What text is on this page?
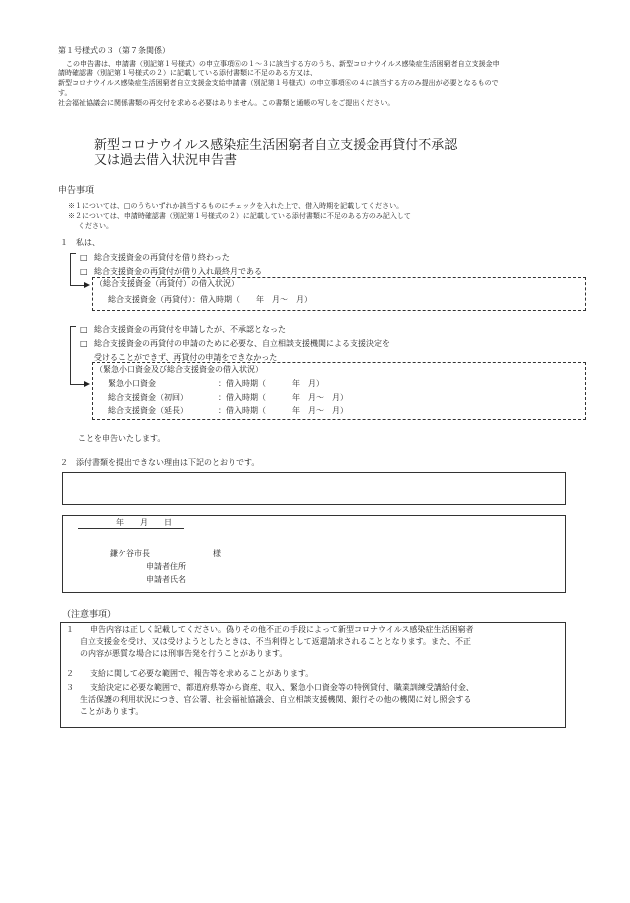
第１号様式の３（第７条関係）
この申告書は、申請書（別記第１号様式）の申立事項⑥の１～３に該当する方のうち、新型コロナウイルス感染症生活困窮者自立支援金申
請時確認書（別記第１号様式の２）に記載している添付書類に不足のある方又は、
新型コロナウイルス感染症生活困窮者自立支援金支給申請書（別記第１号様式）の申立事項⑥の４に該当する方のみ提出が必要となるもので
す。
社会福祉協議会に関係書類の再交付を求める必要はありません。この書類と通帳の写しをご提出ください。
新型コロナウイルス感染症生活困窮者自立支援金再貸付不承認
又は過去借入状況申告書
申告事項
※１については、□のうちいずれか該当するものにチェックを入れた上で、借入時期を記載してください。
※２については、申請時確認書（別記第１号様式の２）に記載している添付書類に不足のある方のみ記入して
ください。
１　私は、
□ 総合支援資金の再貸付を借り終わった
□ 総合支援資金の再貸付が借り入れ最終月である
（総合支援資金（再貸付）の借入状況）
総合支援資金（再貸付）：借入時期（　　年　月～　月）
□ 総合支援資金の再貸付を申請したが、不承認となった
□ 総合支援資金の再貸付の申請のために必要な、自立相談支援機関による支援決定を
受けることができず、再貸付の申請をできなかった
（緊急小口資金及び総合支援資金の借入状況）
緊急小口資金	：借入時期（	年　月）
総合支援資金（初回）	：借入時期（	年　月～　月）
総合支援資金（延長）	：借入時期（	年　月～　月）
ことを申告いたします。
２　添付書類を提出できない理由は下記のとおりです。
年　　月　　日
鎌ケ谷市長	様
申請者住所
申請者氏名
（注意事項）
１　　申告内容は正しく記載してください。偽りその他不正の手段によって新型コロナウイルス感染症生活困窮者
自立支援金を受け、又は受けようとしたときは、不当利得として返還請求されることとなります。また、不正
の内容が悪質な場合には刑事告発を行うことがあります。
２　　支給に関して必要な範囲で、報告等を求めることがあります。
３　　支給決定に必要な範囲で、都道府県等から資産、収入、緊急小口資金等の特例貸付、職業訓練受講給付金、
生活保護の利用状況につき、官公署、社会福祉協議会、自立相談支援機関、銀行その他の機関に対し照会する
ことがあります。
